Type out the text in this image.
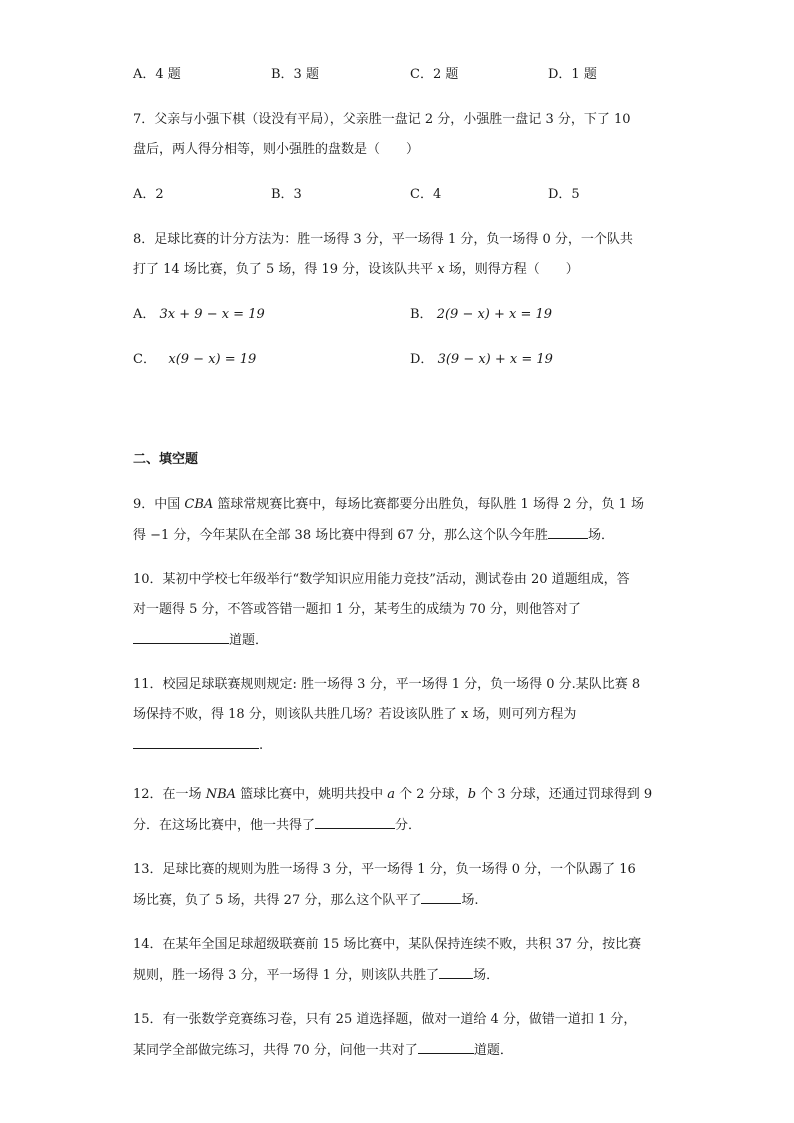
A．4 题	B．3 题	C．2 题	D．1 题
7．父亲与小强下棋（设没有平局），父亲胜一盘记 2 分，小强胜一盘记 3 分，下了 10
盘后，两人得分相等，则小强胜的盘数是（　　）
A．2	B．3	C．4	D．5
8．足球比赛的计分方法为：胜一场得 3 分，平一场得 1 分，负一场得 0 分，一个队共
打了 14 场比赛，负了 5 场，得 19 分，设该队共平 x 场，则得方程（　　）
A． 3x + 9 − x = 19	B． 2(9 − x) + x = 19
C． x(9 − x) = 19	D． 3(9 − x) + x = 19
二、填空题
9．中国 CBA 篮球常规赛比赛中，每场比赛都要分出胜负，每队胜 1 场得 2 分，负 1 场
得 −1 分，今年某队在全部 38 场比赛中得到 67 分，那么这个队今年胜	场．
10．某初中学校七年级举行“数学知识应用能力竞技”活动，测试卷由 20 道题组成，答
对一题得 5 分，不答或答错一题扣 1 分，某考生的成绩为 70 分，则他答对了
道题．
11．校园足球联赛规则规定: 胜一场得 3 分，平一场得 1 分，负一场得 0 分.某队比赛 8
场保持不败，得 18 分，则该队共胜几场？若设该队胜了 x 场，则可列方程为
.
12．在一场 NBA 篮球比赛中，姚明共投中 a 个 2 分球，b 个 3 分球，还通过罚球得到 9
分．在这场比赛中，他一共得了	分．
13．足球比赛的规则为胜一场得 3 分，平一场得 1 分，负一场得 0 分，一个队踢了 16
场比赛，负了 5 场，共得 27 分，那么这个队平了	场.
14．在某年全国足球超级联赛前 15 场比赛中，某队保持连续不败，共积 37 分，按比赛
规则，胜一场得 3 分，平一场得 1 分，则该队共胜了	场．
15．有一张数学竞赛练习卷，只有 25 道选择题，做对一道给 4 分，做错一道扣 1 分，
某同学全部做完练习，共得 70 分，问他一共对了	道题．
